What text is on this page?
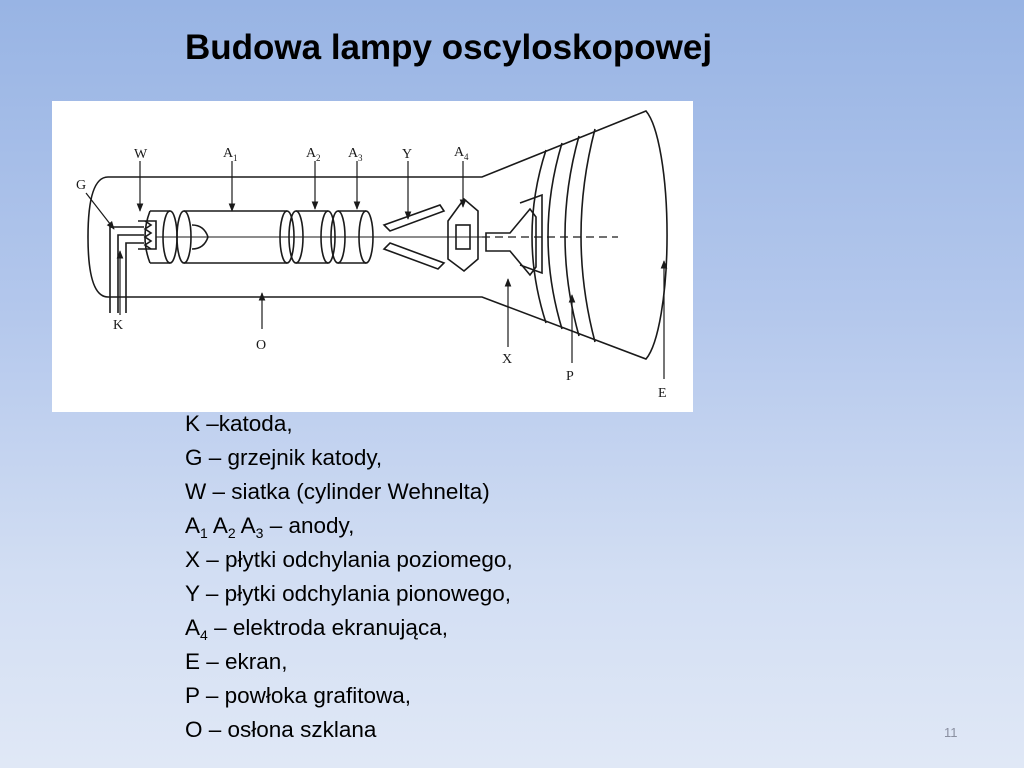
Budowa lampy oscyloskopowej
W	A 1	A 2 A 3	Y	A 4
G
K
O
X
P
E
K –katoda,
G – grzejnik katody,
W – siatka (cylinder Wehnelta)
$A_1$ $A_2$ $A_3$ – anody,
X – płytki odchylania poziomego,
Y – płytki odchylania pionowego,
$A_4$ – elektroda ekranująca,
E – ekran,
P – powłoka grafitowa,
O – osłona szklana	11
